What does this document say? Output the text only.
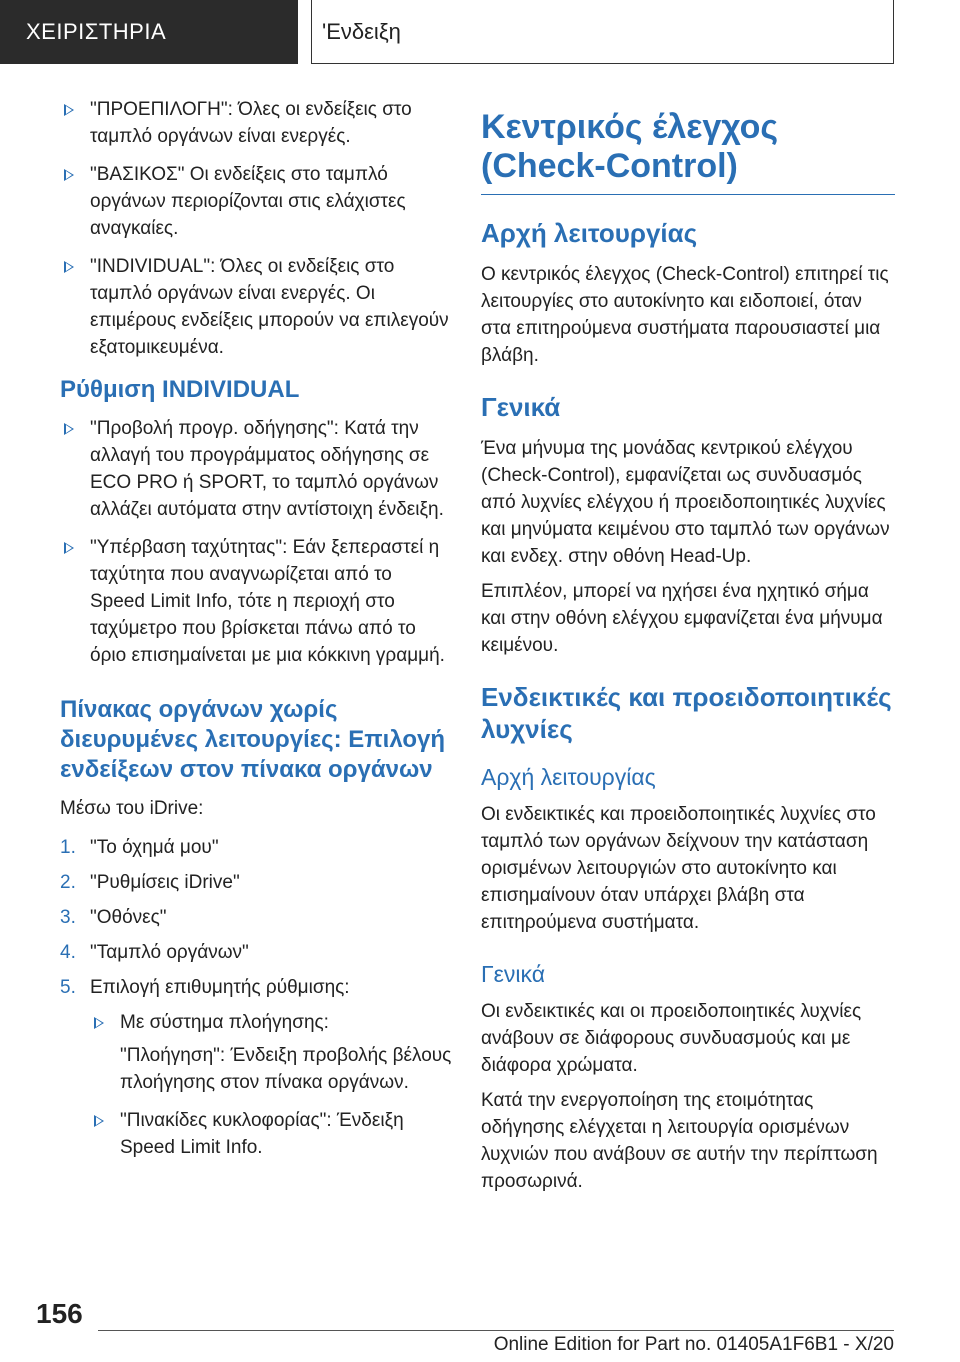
ΧΕΙΡΙΣΤΗΡΙΑ	'Ενδειξη
"ΠΡΟΕΠΙΛΟΓΗ": Όλες οι ενδείξεις στο ταμπλό οργάνων είναι ενεργές.
"ΒΑΣΙΚΟΣ" Οι ενδείξεις στο ταμπλό οργάνων περιορίζονται στις ελάχιστες αναγκαίες.
"INDIVIDUAL": Όλες οι ενδείξεις στο ταμπλό οργάνων είναι ενεργές. Οι επιμέρους ενδείξεις μπορούν να επιλεγούν εξατομικευμένα.
Ρύθμιση INDIVIDUAL
"Προβολή προγρ. οδήγησης": Κατά την αλλαγή του προγράμματος οδήγησης σε ECO PRO ή SPORT, το ταμπλό οργάνων αλλάζει αυτόματα στην αντίστοιχη ένδειξη.
"Υπέρβαση ταχύτητας": Εάν ξεπεραστεί η ταχύτητα που αναγνωρίζεται από το Speed Limit Info, τότε η περιοχή στο ταχύμετρο που βρίσκεται πάνω από το όριο επισημαίνεται με μια κόκκινη γραμμή.
Πίνακας οργάνων χωρίς διευρυμένες λειτουργίες: Επιλογή ενδείξεων στον πίνακα οργάνων

Μέσω του iDrive:

1. "Το όχημά μου"
2. "Ρυθμίσεις iDrive"
3. "Οθόνες"
4. "Ταμπλό οργάνων"
5. Επιλογή επιθυμητής ρύθμισης:
Με σύστημα πλοήγησης:
"Πλοήγηση": Ένδειξη προβολής βέλους πλοήγησης στον πίνακα οργάνων.
"Πινακίδες κυκλοφορίας": Ένδειξη Speed Limit Info.
Κεντρικός έλεγχος (Check-Control)
Αρχή λειτουργίας

Ο κεντρικός έλεγχος (Check-Control) επιτηρεί τις λειτουργίες στο αυτοκίνητο και ειδοποιεί, όταν στα επιτηρούμενα συστήματα παρουσιαστεί μια βλάβη.

Γενικά

Ένα μήνυμα της μονάδας κεντρικού ελέγχου (Check-Control), εμφανίζεται ως συνδυασμός από λυχνίες ελέγχου ή προειδοποιητικές λυχνίες και μηνύματα κειμένου στο ταμπλό των οργάνων και ενδεχ. στην οθόνη Head-Up.

Επιπλέον, μπορεί να ηχήσει ένα ηχητικό σήμα και στην οθόνη ελέγχου εμφανίζεται ένα μήνυμα κειμένου.

Ενδεικτικές και προειδοποιητικές λυχνίες
Αρχή λειτουργίας

Οι ενδεικτικές και προειδοποιητικές λυχνίες στο ταμπλό των οργάνων δείχνουν την κατάσταση ορισμένων λειτουργιών στο αυτοκίνητο και επισημαίνουν όταν υπάρχει βλάβη στα επιτηρούμενα συστήματα.

Γενικά

Οι ενδεικτικές και οι προειδοποιητικές λυχνίες ανάβουν σε διάφορους συνδυασμούς και με διάφορα χρώματα.

Κατά την ενεργοποίηση της ετοιμότητας οδήγησης ελέγχεται η λειτουργία ορισμένων λυχνιών που ανάβουν σε αυτήν την περίπτωση προσωρινά.

156
Online Edition for Part no. 01405A1F6B1 - X/20
